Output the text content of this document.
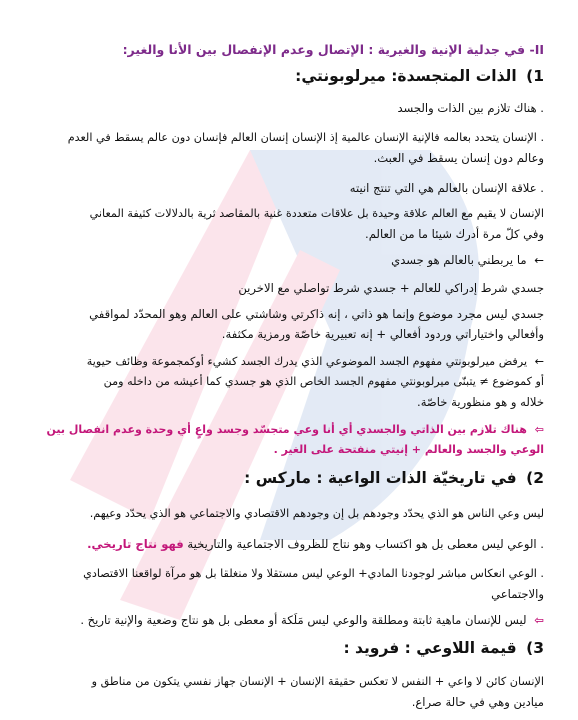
II- في جدلية الإنية والغيرية : الإتصال وعدم الإنفصال بين الأنا والغير:
1) الذات المتجسدة: ميرلوبونتي:
. هناك تلازم بين الذات والجسد
. الإنسان يتحدد بعالمه فالإنية الإنسان عالمية إذ الإنسان إنسان العالم فإنسان دون عالم يسقط في العدم
وعالم دون إنسان يسقط في العبث.
. علاقة الإنسان بالعالم هي التي تنتج انيته
الإنسان لا يقيم مع العالم علاقة وحيدة بل علاقات متعددة غنية بالمقاصد ثرية بالدلالات كثيفة المعاني
وفي كلّ مرة أدرك شيئا ما من العالم.
← ما يربطني بالعالم هو جسدي
جسدي شرط إدراكي للعالم + جسدي شرط تواصلي مع الاخرين
جسدي ليس مجرد موضوع وإنما هو ذاتي ، إنه ذاكرتي وشاشتي على العالم وهو المحدّد لمواقفي
وأفعالي واختياراتي وردود أفعالي + إنه تعبيرية خاصّة ورمزية مكثفة.
← يرفض ميرلوبونتي مفهوم الجسد الموضوعي الذي يدرك الجسد كشيء أوكمجموعة وظائف حيوية
أو كموضوع ≠ يتبنّى ميرلوبونتي مفهوم الجسد الخاص الذي هو جسدي كما أعيشه من داخله ومن
خلاله و هو منظورية خاصّة.
⇦ هناك تلازم بين الذاتي والجسدي أي أنا وعي متجسّد وجسد واعٍ أي وحدة وعدم انفصال بين
الوعي والجسد والعالم + إنيتي منفتحة على الغير .
2) في تاريخيّة الذات الواعية : ماركس :
ليس وعي الناس هو الذي يحدّد وجودهم بل إن وجودهم الاقتصادي والاجتماعي هو الذي يحدّد وعيهم.
. الوعي ليس معطى بل هو اكتساب وهو نتاج للظروف الاجتماعية والتاريخية فهو نتاج تاريخي.
. الوعي انعكاس مباشر لوجودنا المادي+ الوعي ليس مستقلا ولا منغلقا بل هو مرآة لواقعنا الاقتصادي
والاجتماعي
⇦ ليس للإنسان ماهية ثابتة ومطلقة والوعي ليس مَلَكة أو معطى بل هو نتاج وضعية والإنية تاريخ .
3) قيمة اللاوعي : فرويد :
الإنسان كائن لا واعي + النفس لا تعكس حقيقة الإنسان + الإنسان جهاز نفسي يتكون من مناطق و
ميادين وهي في حالة صراع.
